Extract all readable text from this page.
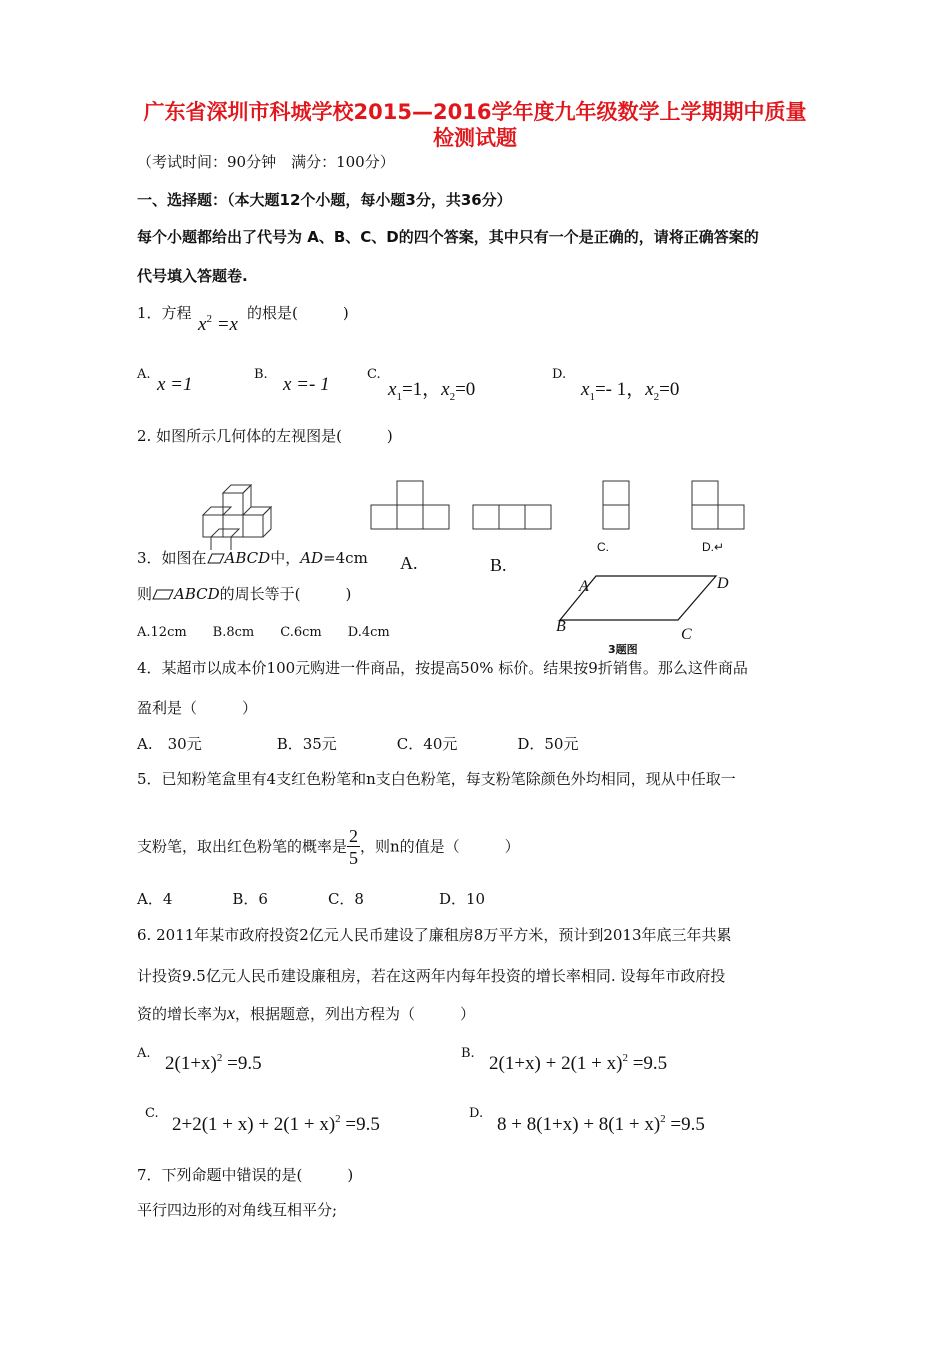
广东省深圳市科城学校2015—2016学年度九年级数学上学期期中质量
检测试题
（考试时间：90分钟　满分：100分）
一、选择题：（本大题12个小题，每小题3分，共36分）
每个小题都给出了代号为 A、B、C、D的四个答案，其中只有一个是正确的，请将正确答案的
代号填入答题卷.
1．方程
$x^2 =x$
的根是(　　　)
A. x =1	B. x =- 1	C.
$x_1=1$，$x_2=0$
D.
$x_1=-$ 1，$x_2=0$
2. 如图所示几何体的左视图是(　　　)
A.	B.
C.	D.↵
3．如图在 ABCD中，AD=4cm
则 ABCD的周长等于(　　　)
A.12cm　　B.8cm　　C.6cm　　D.4cm
A	D
B	C
3题图
4．某超市以成本价100元购进一件商品，按提高50% 标价。结果按9折销售。那么这件商品
盈利是（　　　）
A.　30元　　　　　B．35元　　　　C．40元　　　　D．50元
5．已知粉笔盒里有4支红色粉笔和n支白色粉笔，每支粉笔除颜色外均相同，现从中任取一
支粉笔，取出红色粉笔的概率是 $\frac{2}{5}$ ，则n的值是（　　　）
A．4　　　　B．6　　　　C．8　　　　　D．10
6. 2011年某市政府投资2亿元人民币建设了廉租房8万平方米，预计到2013年底三年共累
计投资9.5亿元人民币建设廉租房，若在这两年内每年投资的增长率相同. 设每年市政府投
资的增长率为x，根据题意，列出方程为（　　　）
A. $2(1+x)^2 =9.5$	B. $2(1+x) + 2(1 + x)^2 =9.5$
C.
$2+2(1 + x) + 2(1 + x)^2 =9.5$
D.
$8 + 8(1+x) + 8(1 + x)^2 =9.5$
7．下列命题中错误的是(　　　)
平行四边形的对角线互相平分;
